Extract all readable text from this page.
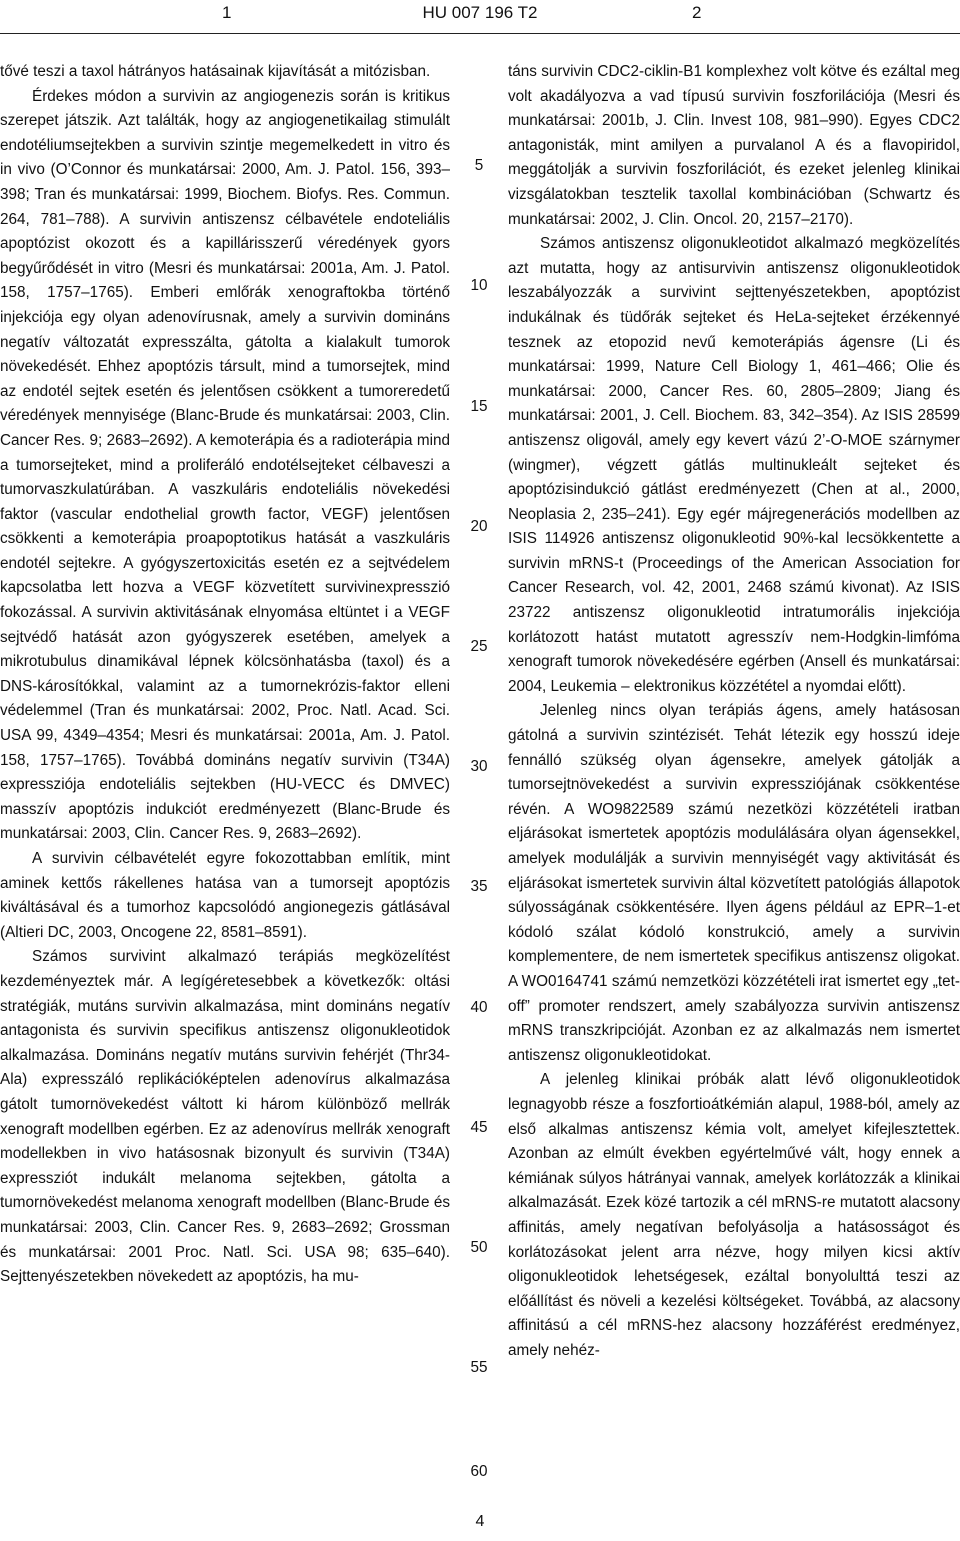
1	HU 007 196 T2	2

tővé teszi a taxol hátrányos hatásainak kijavítását a mitózisban.

Érdekes módon a survivin az angiogenezis során is kritikus szerepet játszik. Azt találták, hogy az angiogenetikailag stimulált endotéliumsejtekben a survivin szintje megemelkedett in vitro és in vivo (O’Connor és munkatársai: 2000, Am. J. Patol. 156, 393–398; Tran és munkatársai: 1999, Biochem. Biofys. Res. Commun. 264, 781–788). A survivin antiszensz célbavétele endoteliális apoptózist okozott és a kapillárisszerű véredények gyors begyűrődését in vitro (Mesri és munkatársai: 2001a, Am. J. Patol. 158, 1757–1765). Emberi emlőrák xenograftokba történő injekciója egy olyan adenovírusnak, amely a survivin domináns negatív változatát expresszálta, gátolta a kialakult tumorok növekedését. Ehhez apoptózis társult, mind a tumorsejtek, mind az endotél sejtek esetén és jelentősen csökkent a tumoreredetű véredények mennyisége (Blanc-Brude és munkatársai: 2003, Clin. Cancer Res. 9; 2683–2692). A kemoterápia és a radioterápia mind a tumorsejteket, mind a proliferáló endotélsejteket célbaveszi a tumorvaszkulatúrában. A vaszkuláris endoteliális növekedési faktor (vascular endothelial growth factor, VEGF) jelentősen csökkenti a kemoterápia proapoptotikus hatását a vaszkuláris endotél sejtekre. A gyógyszertoxicitás esetén ez a sejtvédelem kapcsolatba lett hozva a VEGF közvetített survivinexpresszió fokozással. A survivin aktivitásának elnyomása eltüntet i a VEGF sejtvédő hatását azon gyógyszerek esetében, amelyek a mikrotubulus dinamikával lépnek kölcsönhatásba (taxol) és a DNS-károsítókkal, valamint az a tumornekrózis-faktor elleni védelemmel (Tran és munkatársai: 2002, Proc. Natl. Acad. Sci. USA 99, 4349–4354; Mesri és munkatársai: 2001a, Am. J. Patol. 158, 1757–1765). Továbbá domináns negatív survivin (T34A) expressziója endoteliális sejtekben (HU-VECC és DMVEC) masszív apoptózis indukciót eredményezett (Blanc-Brude és munkatársai: 2003, Clin. Cancer Res. 9, 2683–2692).

A survivin célbavételét egyre fokozottabban említik, mint aminek kettős rákellenes hatása van a tumorsejt apoptózis kiváltásával és a tumorhoz kapcsolódó angionegezis gátlásával (Altieri DC, 2003, Oncogene 22, 8581–8591).

Számos survivint alkalmazó terápiás megközelítést kezdeményeztek már. A legígéretesebbek a következők: oltási stratégiák, mutáns survivin alkalmazása, mint domináns negatív antagonista és survivin specifikus antiszensz oligonukleotidok alkalmazása. Domináns negatív mutáns survivin fehérjét (Thr34-Ala) expresszáló replikációképtelen adenovírus alkalmazása gátolt tumornövekedést váltott ki három különböző mellrák xenograft modellben egérben. Ez az adenovírus mellrák xenograft modellekben in vivo hatásosnak bizonyult és survivin (T34A) expressziót indukált melanoma sejtekben, gátolta a tumornövekedést melanoma xenograft modellben (Blanc-Brude és munkatársai: 2003, Clin. Cancer Res. 9, 2683–2692; Grossman és munkatársai: 2001 Proc. Natl. Sci. USA 98; 635–640). Sejttenyészetekben növekedett az apoptózis, ha mu-

5
10
15
20
25
30
35
40
45
50
55
60

táns survivin CDC2-ciklin-B1 komplexhez volt kötve és ezáltal meg volt akadályozva a vad típusú survivin foszforilációja (Mesri és munkatársai: 2001b, J. Clin. Invest 108, 981–990). Egyes CDC2 antagonisták, mint amilyen a purvalanol A és a flavopiridol, meggátolják a survivin foszforilációt, és ezeket jelenleg klinikai vizsgálatokban tesztelik taxollal kombinációban (Schwartz és munkatársai: 2002, J. Clin. Oncol. 20, 2157–2170).

Számos antiszensz oligonukleotidot alkalmazó megközelítés azt mutatta, hogy az antisurvivin antiszensz oligonukleotidok leszabályozzák a survivint sejttenyészetekben, apoptózist indukálnak és tüdőrák sejteket és HeLa-sejteket érzékennyé tesznek az etopozid nevű kemoterápiás ágensre (Li és munkatársai: 1999, Nature Cell Biology 1, 461–466; Olie és munkatársai: 2000, Cancer Res. 60, 2805–2809; Jiang és munkatársai: 2001, J. Cell. Biochem. 83, 342–354). Az ISIS 28599 antiszensz oligovál, amely egy kevert vázú 2’-O-MOE szárnymer (wingmer), végzett gátlás multinukleált sejteket és apoptózisindukció gátlást eredményezett (Chen at al., 2000, Neoplasia 2, 235–241). Egy egér májregenerációs modellben az ISIS 114926 antiszensz oligonukleotid 90%-kal lecsökkentette a survivin mRNS-t (Proceedings of the American Association for Cancer Research, vol. 42, 2001, 2468 számú kivonat). Az ISIS 23722 antiszensz oligonukleotid intratumorális injekciója korlátozott hatást mutatott agresszív nem-Hodgkin-limfóma xenograft tumorok növekedésére egérben (Ansell és munkatársai: 2004, Leukemia – elektronikus közzététel a nyomdai előtt).

Jelenleg nincs olyan terápiás ágens, amely hatásosan gátolná a survivin szintézisét. Tehát létezik egy hosszú ideje fennálló szükség olyan ágensekre, amelyek gátolják a tumorsejtnövekedést a survivin expressziójának csökkentése révén. A WO9822589 számú nezetközi közzétételi iratban eljárásokat ismertetek apoptózis modulálására olyan ágensekkel, amelyek modulálják a survivin mennyiségét vagy aktivitását és eljárásokat ismertetek survivin által közvetített patológiás állapotok súlyosságának csökkentésére. Ilyen ágens például az EPR–1-et kódoló szálat kódoló konstrukció, amely a survivin komplementere, de nem ismertetek specifikus antiszensz oligokat. A WO0164741 számú nemzetközi közzétételi irat ismertet egy „tet-off” promoter rendszert, amely szabályozza survivin antiszensz mRNS transzkripcióját. Azonban ez az alkalmazás nem ismertet antiszensz oligonukleotidokat.

A jelenleg klinikai próbák alatt lévő oligonukleotidok legnagyobb része a foszfortioátkémián alapul, 1988-ból, amely az első alkalmas antiszensz kémia volt, amelyet kifejlesztettek. Azonban az elmúlt években egyértelművé vált, hogy ennek a kémiának súlyos hátrányai vannak, amelyek korlátozzák a klinikai alkalmazását. Ezek közé tartozik a cél mRNS-re mutatott alacsony affinitás, amely negatívan befolyásolja a hatásosságot és korlátozásokat jelent arra nézve, hogy milyen kicsi aktív oligonukleotidok lehetségesek, ezáltal bonyolulttá teszi az előállítást és növeli a kezelési költségeket. Továbbá, az alacsony affinitású a cél mRNS-hez alacsony hozzáférést eredményez, amely nehéz-

4
